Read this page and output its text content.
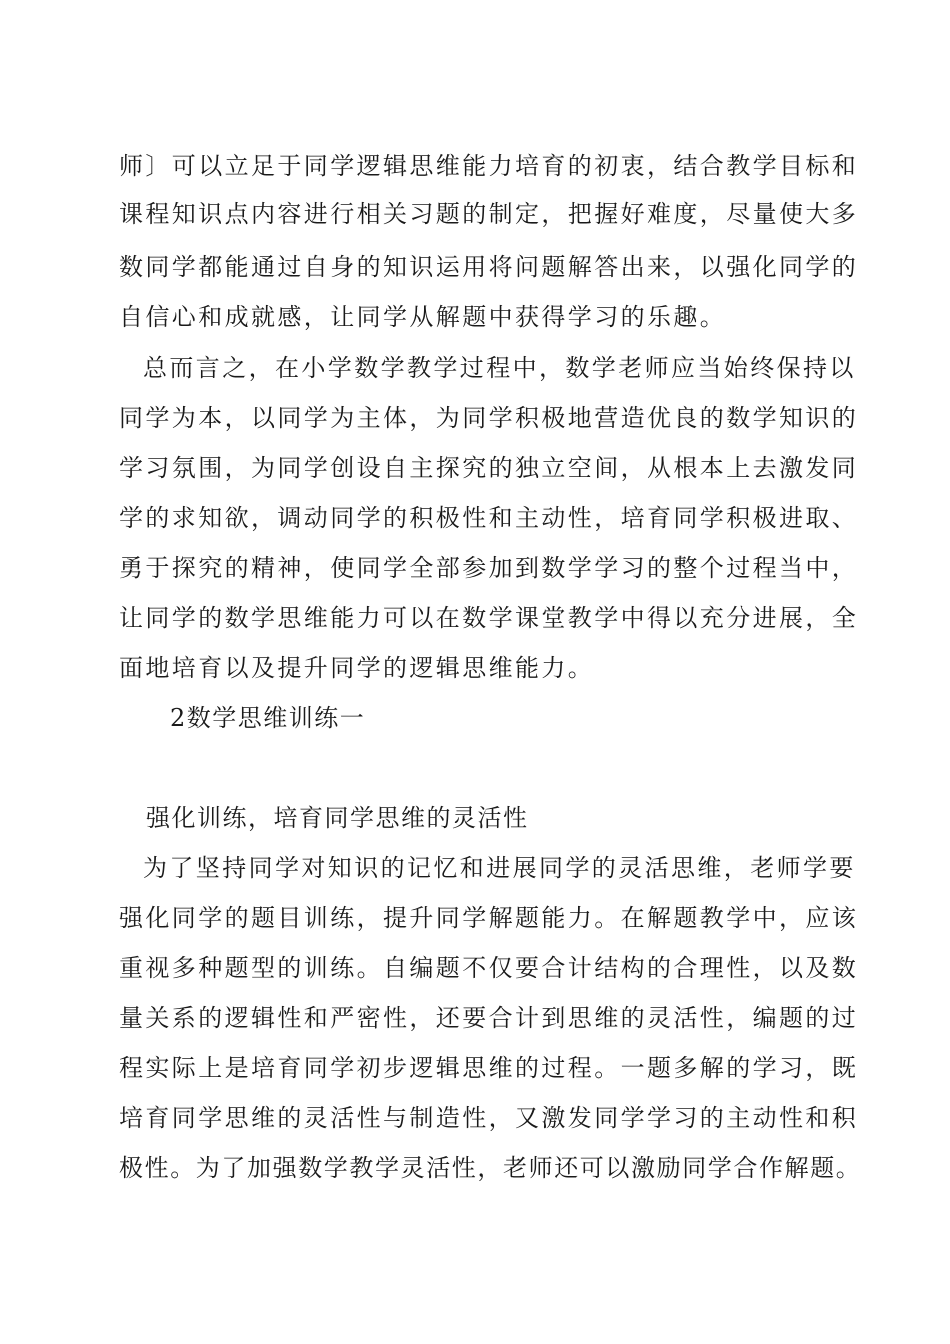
师〕可以立足于同学逻辑思维能力培育的初衷，结合教学目标和
课程知识点内容进行相关习题的制定，把握好难度，尽量使大多
数同学都能通过自身的知识运用将问题解答出来，以强化同学的
自信心和成就感，让同学从解题中获得学习的乐趣。
总而言之，在小学数学教学过程中，数学老师应当始终保持以
同学为本，以同学为主体，为同学积极地营造优良的数学知识的
学习氛围，为同学创设自主探究的独立空间，从根本上去激发同
学的求知欲，调动同学的积极性和主动性，培育同学积极进取、
勇于探究的精神，使同学全部参加到数学学习的整个过程当中，
让同学的数学思维能力可以在数学课堂教学中得以充分进展，全
面地培育以及提升同学的逻辑思维能力。
2数学思维训练一
强化训练，培育同学思维的灵活性
为了坚持同学对知识的记忆和进展同学的灵活思维，老师学要
强化同学的题目训练，提升同学解题能力。在解题教学中，应该
重视多种题型的训练。自编题不仅要合计结构的合理性，以及数
量关系的逻辑性和严密性，还要合计到思维的灵活性，编题的过
程实际上是培育同学初步逻辑思维的过程。一题多解的学习，既
培育同学思维的灵活性与制造性，又激发同学学习的主动性和积
极性。为了加强数学教学灵活性，老师还可以激励同学合作解题。
